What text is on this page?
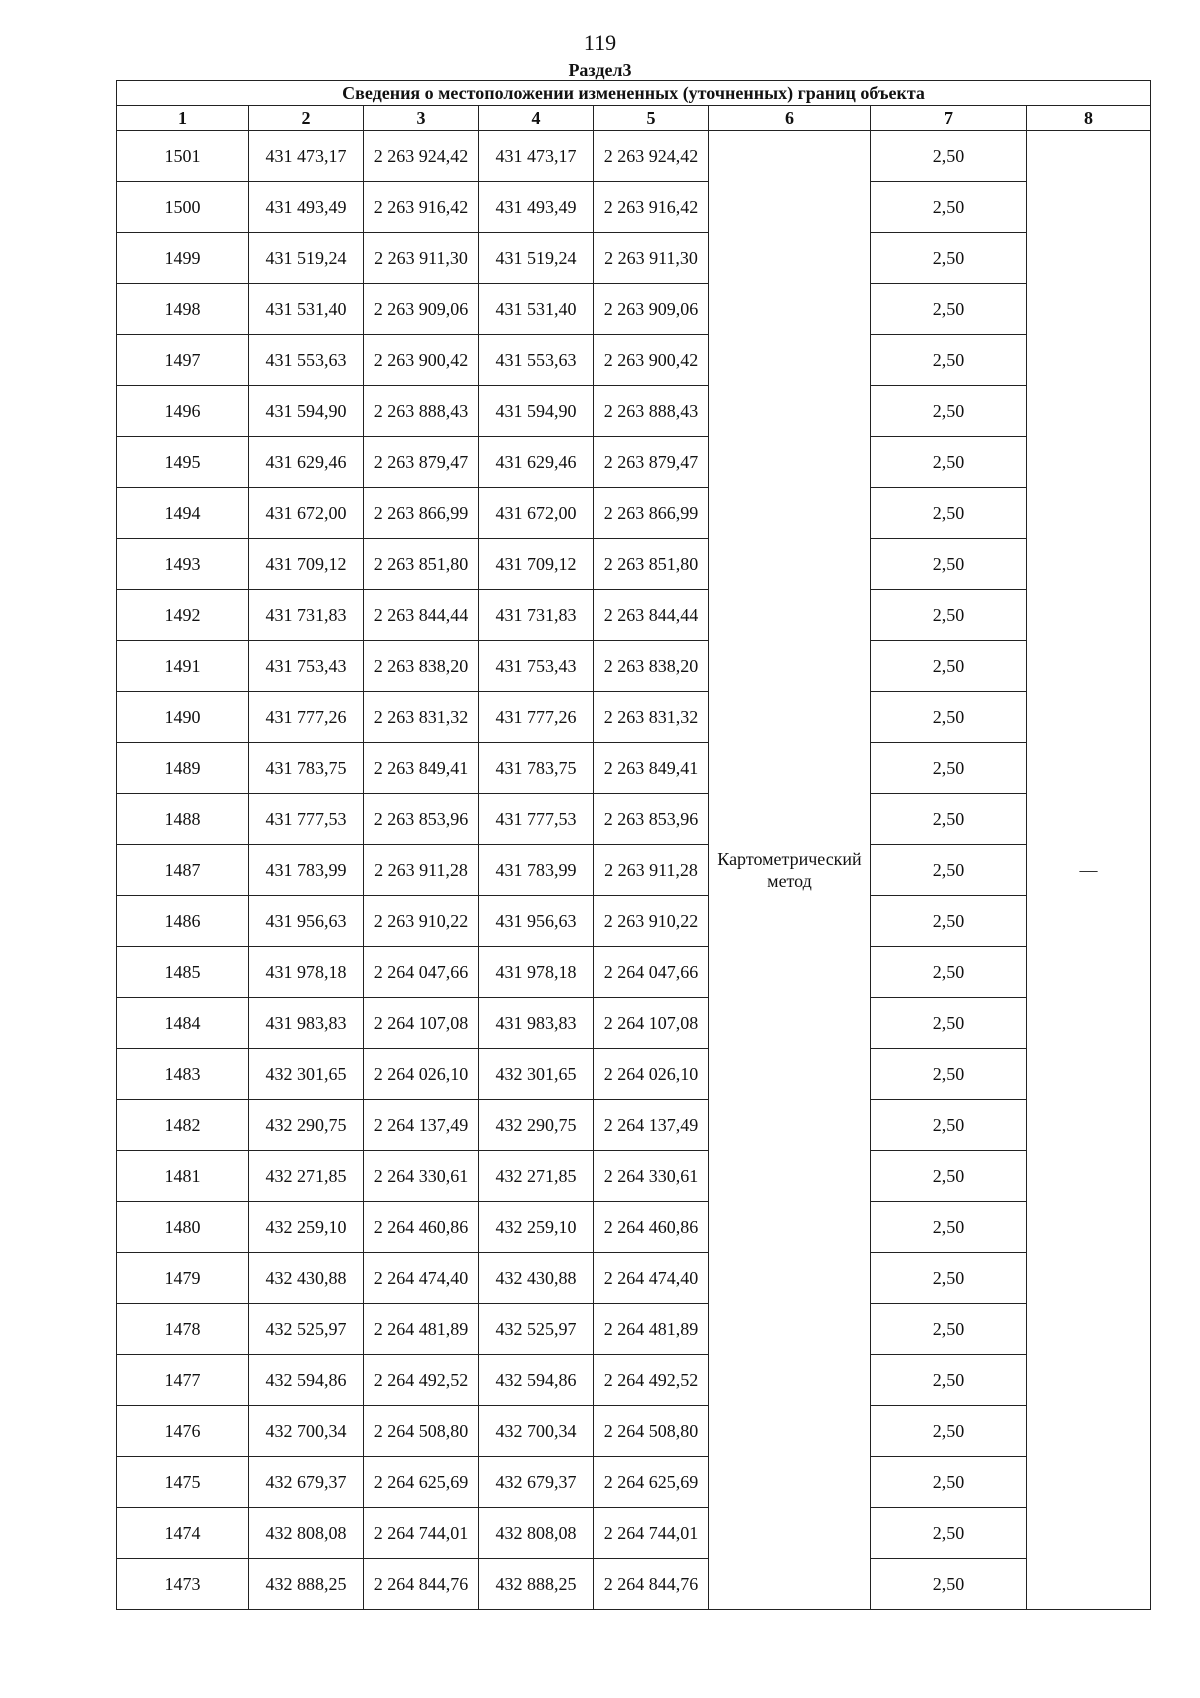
119
Раздел3
Сведения о местоположении измененных (уточненных) границ объекта							
1	2	3	4	5	6	7	8
1501	431 473,17	2 263 924,42	431 473,17	2 263 924,42	Картометрический метод	2,50	—
1500	431 493,49	2 263 916,42	431 493,49	2 263 916,42		2,50	
1499	431 519,24	2 263 911,30	431 519,24	2 263 911,30		2,50	
1498	431 531,40	2 263 909,06	431 531,40	2 263 909,06		2,50	
1497	431 553,63	2 263 900,42	431 553,63	2 263 900,42		2,50	
1496	431 594,90	2 263 888,43	431 594,90	2 263 888,43		2,50	
1495	431 629,46	2 263 879,47	431 629,46	2 263 879,47		2,50	
1494	431 672,00	2 263 866,99	431 672,00	2 263 866,99		2,50	
1493	431 709,12	2 263 851,80	431 709,12	2 263 851,80		2,50	
1492	431 731,83	2 263 844,44	431 731,83	2 263 844,44		2,50	
1491	431 753,43	2 263 838,20	431 753,43	2 263 838,20		2,50	
1490	431 777,26	2 263 831,32	431 777,26	2 263 831,32		2,50	
1489	431 783,75	2 263 849,41	431 783,75	2 263 849,41		2,50	
1488	431 777,53	2 263 853,96	431 777,53	2 263 853,96		2,50	
1487	431 783,99	2 263 911,28	431 783,99	2 263 911,28		2,50	
1486	431 956,63	2 263 910,22	431 956,63	2 263 910,22		2,50	
1485	431 978,18	2 264 047,66	431 978,18	2 264 047,66		2,50	
1484	431 983,83	2 264 107,08	431 983,83	2 264 107,08		2,50	
1483	432 301,65	2 264 026,10	432 301,65	2 264 026,10		2,50	
1482	432 290,75	2 264 137,49	432 290,75	2 264 137,49		2,50	
1481	432 271,85	2 264 330,61	432 271,85	2 264 330,61		2,50	
1480	432 259,10	2 264 460,86	432 259,10	2 264 460,86		2,50	
1479	432 430,88	2 264 474,40	432 430,88	2 264 474,40		2,50	
1478	432 525,97	2 264 481,89	432 525,97	2 264 481,89		2,50	
1477	432 594,86	2 264 492,52	432 594,86	2 264 492,52		2,50	
1476	432 700,34	2 264 508,80	432 700,34	2 264 508,80		2,50	
1475	432 679,37	2 264 625,69	432 679,37	2 264 625,69		2,50	
1474	432 808,08	2 264 744,01	432 808,08	2 264 744,01		2,50	
1473	432 888,25	2 264 844,76	432 888,25	2 264 844,76		2,50	
